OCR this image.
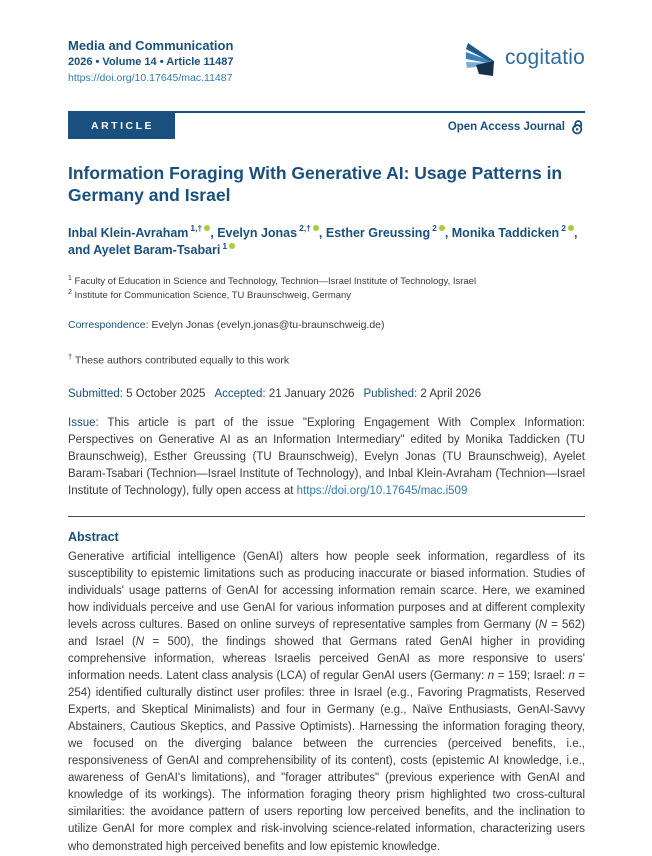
Media and Communication
2026 • Volume 14 • Article 11487
https://doi.org/10.17645/mac.11487
cogitatio
ARTICLE	Open Access Journal
Information Foraging With Generative AI: Usage Patterns in Germany and Israel

Inbal Klein-Avraham $^{1,\dagger}$ , Evelyn Jonas $^{2,\dagger}$ , Esther Greussing $^2$ , Monika Taddicken $^2$ , and Ayelet Baram-Tsabari $^1$

$^1$ Faculty of Education in Science and Technology, Technion—Israel Institute of Technology, Israel
$^2$ Institute for Communication Science, TU Braunschweig, Germany

Correspondence: Evelyn Jonas (evelyn.jonas@tu-braunschweig.de)

† These authors contributed equally to this work

Submitted: 5 October 2025 Accepted: 21 January 2026 Published: 2 April 2026

Issue: This article is part of the issue "Exploring Engagement With Complex Information: Perspectives on Generative AI as an Information Intermediary" edited by Monika Taddicken (TU Braunschweig), Esther Greussing (TU Braunschweig), Evelyn Jonas (TU Braunschweig), Ayelet Baram-Tsabari (Technion—Israel Institute of Technology), and Inbal Klein-Avraham (Technion—Israel Institute of Technology), fully open access at https://doi.org/10.17645/mac.i509

Abstract

Generative artificial intelligence (GenAI) alters how people seek information, regardless of its susceptibility to epistemic limitations such as producing inaccurate or biased information. Studies of individuals' usage patterns of GenAI for accessing information remain scarce. Here, we examined how individuals perceive and use GenAI for various information purposes and at different complexity levels across cultures. Based on online surveys of representative samples from Germany (N = 562) and Israel (N = 500), the findings showed that Germans rated GenAI higher in providing comprehensive information, whereas Israelis perceived GenAI as more responsive to users' information needs. Latent class analysis (LCA) of regular GenAI users (Germany: n = 159; Israel: n = 254) identified culturally distinct user profiles: three in Israel (e.g., Favoring Pragmatists, Reserved Experts, and Skeptical Minimalists) and four in Germany (e.g., Naïve Enthusiasts, GenAI-Savvy Abstainers, Cautious Skeptics, and Passive Optimists). Harnessing the information foraging theory, we focused on the diverging balance between the currencies (perceived benefits, i.e., responsiveness of GenAI and comprehensibility of its content), costs (epistemic AI knowledge, i.e., awareness of GenAI's limitations), and "forager attributes" (previous experience with GenAI and knowledge of its workings). The information foraging theory prism highlighted two cross-cultural similarities: the avoidance pattern of users reporting low perceived benefits, and the inclination to utilize GenAI for more complex and risk-involving science-related information, characterizing users who demonstrated high perceived benefits and low epistemic knowledge.
